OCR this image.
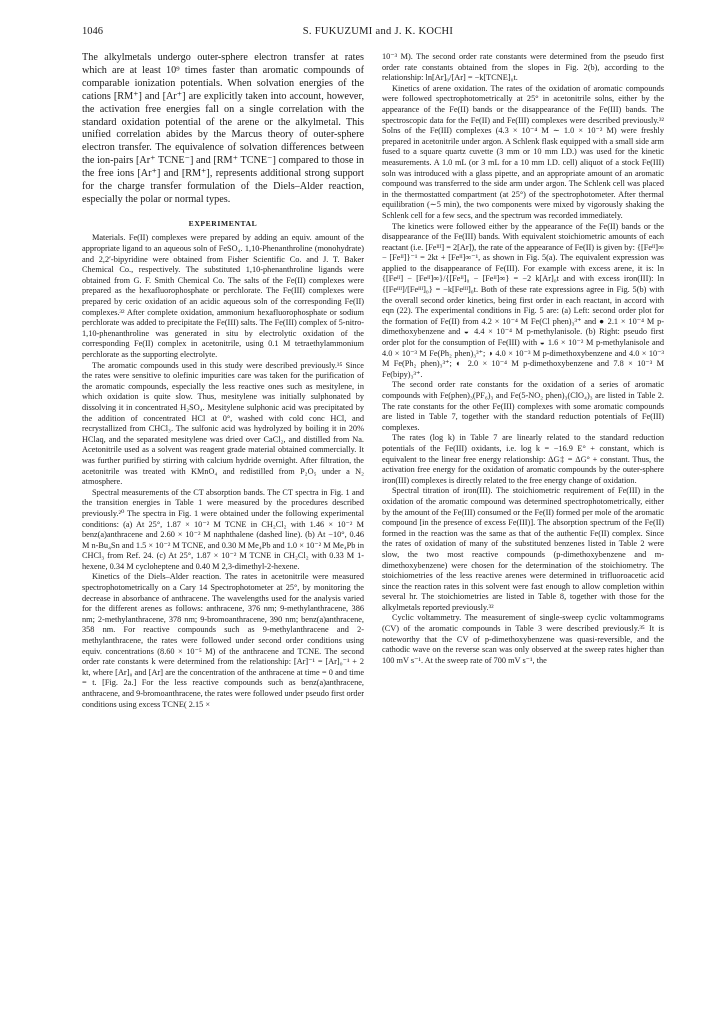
1046	S. FUKUZUMI and J. K. KOCHI

The alkylmetals undergo outer-sphere electron transfer at rates which are at least 10⁹ times faster than aromatic compounds of comparable ionization potentials. When solvation energies of the cations [RM⁺] and [Ar⁺] are explicitly taken into account, however, the activation free energies fall on a single correlation with the standard oxidation potential of the arene or the alkylmetal. This unified correlation abides by the Marcus theory of outer-sphere electron transfer. The equivalence of solvation differences between the ion-pairs [Ar⁺ TCNE⁻] and [RM⁺ TCNE⁻] compared to those in the free ions [Ar⁺] and [RM⁺], represents additional strong support for the charge transfer formulation of the Diels–Alder reaction, especially the polar or normal types.

EXPERIMENTAL

Materials. Fe(II) complexes were prepared by adding an equiv. amount of the appropriate ligand to an aqueous soln of FeSO₄. 1,10-Phenanthroline (monohydrate) and 2,2′-bipyridine were obtained from Fisher Scientific Co. and J. T. Baker Chemical Co., respectively. The substituted 1,10-phenanthroline ligands were obtained from G. F. Smith Chemical Co. The salts of the Fe(II) complexes were prepared as the hexafluorophosphate or perchlorate. The Fe(III) complexes were prepared by ceric oxidation of an acidic aqueous soln of the corresponding Fe(II) complexes.³² After complete oxidation, ammonium hexafluorophosphate or sodium perchlorate was added to precipitate the Fe(III) salts. The Fe(III) complex of 5-nitro-1,10-phenanthroline was generated in situ by electrolytic oxidation of the corresponding Fe(II) complex in acetonitrile, using 0.1 M tetraethylammonium perchlorate as the supporting electrolyte.

The aromatic compounds used in this study were described previously.³⁵ Since the rates were sensitive to olefinic impurities care was taken for the purification of the aromatic compounds, especially the less reactive ones such as mesitylene, in which oxidation is quite slow. Thus, mesitylene was initially sulphonated by dissolving it in concentrated H₂SO₄. Mesitylene sulphonic acid was precipitated by the addition of concentrated HCl at 0°, washed with cold conc HCl, and recrystallized from CHCl₃. The sulfonic acid was hydrolyzed by boiling it in 20% HClaq, and the separated mesitylene was dried over CaCl₂, and distilled from Na. Acetonitrile used as a solvent was reagent grade material obtained commercially. It was further purified by stirring with calcium hydride overnight. After filtration, the acetonitrile was treated with KMnO₄ and redistilled from P₂O₅ under a N₂ atmosphere.

Spectral measurements of the CT absorption bands. The CT spectra in Fig. 1 and the transition energies in Table 1 were measured by the procedures described previously.²⁰ The spectra in Fig. 1 were obtained under the following experimental conditions: (a) At 25°, 1.87 × 10⁻² M TCNE in CH₂Cl₂ with 1.46 × 10⁻² M benz(a)anthracene and 2.60 × 10⁻² M naphthalene (dashed line). (b) At −10°, 0.46 M n-Bu₄Sn and 1.5 × 10⁻² M TCNE, and 0.30 M Me₄Pb and 1.0 × 10⁻² M Me₄Pb in CHCl₃ from Ref. 24. (c) At 25°, 1.87 × 10⁻² M TCNE in CH₂Cl₂ with 0.33 M 1-hexene, 0.34 M cycloheptene and 0.40 M 2,3-dimethyl-2-hexene.

Kinetics of the Diels–Alder reaction. The rates in acetonitrile were measured spectrophotometrically on a Cary 14 Spectrophotometer at 25°, by monitoring the decrease in absorbance of anthracene. The wavelengths used for the analysis varied for the different arenes as follows: anthracene, 376 nm; 9-methylanthracene, 386 nm; 2-methylanthracene, 378 nm; 9-bromoanthracene, 390 nm; benz(a)anthracene, 358 nm. For reactive compounds such as 9-methylanthracene and 2-methylanthracene, the rates were followed under second order conditions using equiv. concentrations (8.60 × 10⁻⁵ M) of the anthracene and TCNE. The second order rate constants k were determined from the relationship: [Ar]⁻¹ = [Ar]₀⁻¹ + 2 kt, where [Ar]₀ and [Ar] are the concentration of the anthracene at time = 0 and time = t. [Fig. 2a.] For the less reactive compounds such as benz(a)anthracene, anthracene, and 9-bromoanthracene, the rates were followed under pseudo first order conditions using excess TCNE( 2.15 ×

10⁻³ M). The second order rate constants were determined from the pseudo first order rate constants obtained from the slopes in Fig. 2(b), according to the relationship: ln[Ar]₀/[Ar] = −k[TCNE]₀t.

Kinetics of arene oxidation. The rates of the oxidation of aromatic compounds were followed spectrophotometrically at 25° in acetonitrile solns, either by the appearance of the Fe(II) bands or the disappearance of the Fe(III) bands. The spectroscopic data for the Fe(II) and Fe(III) complexes were described previously.³² Solns of the Fe(III) complexes (4.3 × 10⁻⁴ M ∼ 1.0 × 10⁻² M) were freshly prepared in acetonitrile under argon. A Schlenk flask equipped with a small side arm fused to a square quartz cuvette (3 mm or 10 mm I.D.) was used for the kinetic measurements. A 1.0 mL (or 3 mL for a 10 mm I.D. cell) aliquot of a stock Fe(III) soln was introduced with a glass pipette, and an appropriate amount of an aromatic compound was transferred to the side arm under argon. The Schlenk cell was placed in the thermostatted compartment (at 25°) of the spectrophotometer. After thermal equilibration (∼5 min), the two components were mixed by vigorously shaking the Schlenk cell for a few secs, and the spectrum was recorded immediately.

The kinetics were followed either by the appearance of the Fe(II) bands or the disappearance of the Fe(III) bands. With equivalent stoichiometric amounts of each reactant (i.e. [Feᴵᴵᴵ] = 2[Ar]), the rate of the appearance of Fe(II) is given by: {[Feᴵᴵ]∞ − [Feᴵᴵ]}⁻¹ = 2kt + [Feᴵᴵ]∞⁻¹, as shown in Fig. 5(a). The equivalent expression was applied to the disappearance of Fe(III). For example with excess arene, it is: ln {[Feᴵᴵ] − [Feᴵᴵ]∞}/{[Feᴵᴵ]₀ − [Feᴵᴵ]∞} = −2 k[Ar]₀t and with excess iron(III): ln {[Feᴵᴵᴵ]/[Feᴵᴵᴵ]₀} = −k[Feᴵᴵᴵ]₀t. Both of these rate expressions agree in Fig. 5(b) with the overall second order kinetics, being first order in each reactant, in accord with eqn (22). The experimental conditions in Fig. 5 are: (a) Left: second order plot for the formation of Fe(II) from 4.2 × 10⁻⁴ M Fe(Cl phen)₃³⁺ and ● 2.1 × 10⁻⁴ M p-dimethoxybenzene and ◒ 4.4 × 10⁻⁴ M p-methylanisole. (b) Right: pseudo first order plot for the consumption of Fe(III) with ◒ 1.6 × 10⁻² M p-methylanisole and 4.0 × 10⁻³ M Fe(Ph₂ phen)₃³⁺; ◑ 4.0 × 10⁻³ M p-dimethoxybenzene and 4.0 × 10⁻³ M Fe(Ph₂ phen)₃³⁺; ◐ 2.0 × 10⁻⁴ M p-dimethoxybenzene and 7.8 × 10⁻³ M Fe(bipy)₃³⁺.

The second order rate constants for the oxidation of a series of aromatic compounds with Fe(phen)₃(PF₆)₃ and Fe(5-NO₂ phen)₃(ClO₄)₃ are listed in Table 2. The rate constants for the other Fe(III) complexes with some aromatic compounds are listed in Table 7, together with the standard reduction potentials of Fe(III) complexes.

The rates (log k) in Table 7 are linearly related to the standard reduction potentials of the Fe(III) oxidants, i.e. log k = −16.9 E° + constant, which is equivalent to the linear free energy relationship: ΔG‡ = ΔG° + constant. Thus, the activation free energy for the oxidation of aromatic compounds by the outer-sphere iron(III) complexes is directly related to the free energy change of oxidation.

Spectral titration of iron(III). The stoichiometric requirement of Fe(III) in the oxidation of the aromatic compound was determined spectrophotometrically, either by the amount of the Fe(III) consumed or the Fe(II) formed per mole of the aromatic compound [in the presence of excess Fe(III)]. The absorption spectrum of the Fe(II) formed in the reaction was the same as that of the authentic Fe(II) complex. Since the rates of oxidation of many of the substituted benzenes listed in Table 2 were slow, the two most reactive compounds (p-dimethoxybenzene and m-dimethoxybenzene) were chosen for the determination of the stoichiometry. The stoichiometries of the less reactive arenes were determined in trifluoroacetic acid since the reaction rates in this solvent were fast enough to allow completion within several hr. The stoichiometries are listed in Table 8, together with those for the alkylmetals reported previously.³²

Cyclic voltammetry. The measurement of single-sweep cyclic voltammograms (CV) of the aromatic compounds in Table 3 were described previously.³⁵ It is noteworthy that the CV of p-dimethoxybenzene was quasi-reversible, and the cathodic wave on the reverse scan was only observed at the sweep rates higher than 100 mV s⁻¹. At the sweep rate of 700 mV s⁻¹, the
